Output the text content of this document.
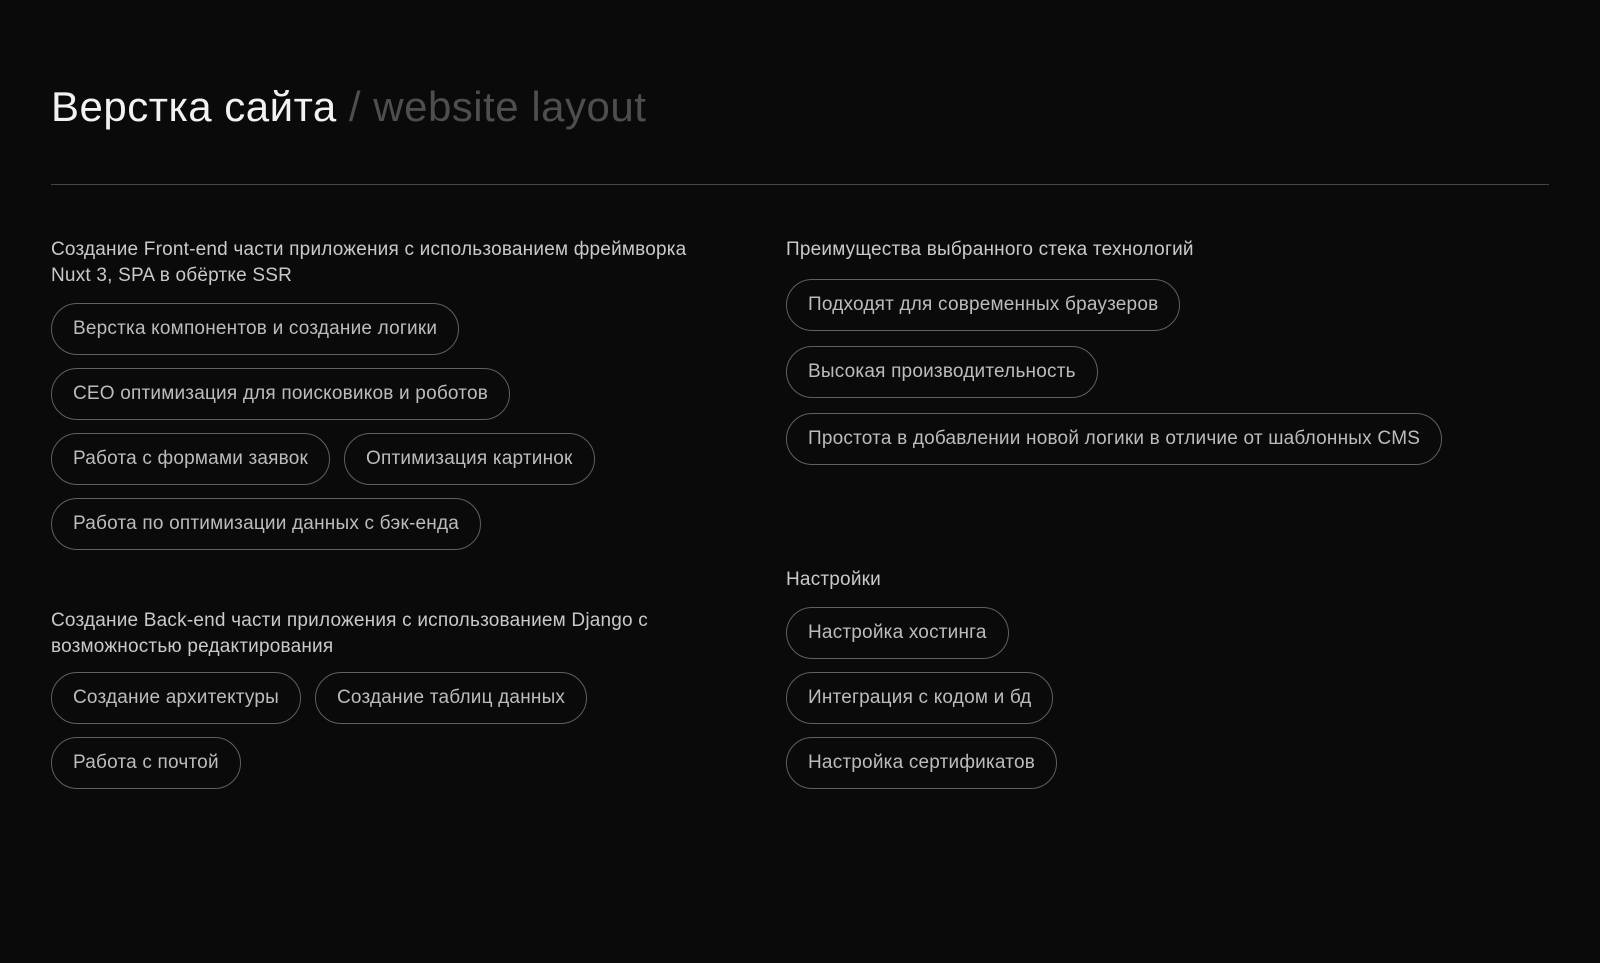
Верстка сайта / website layout
Создание Front-end части приложения с использованием фреймворка Nuxt 3, SPA в обёртке SSR
Верстка компонентов и создание логики
CEO оптимизация для поисковиков и роботов
Работа с формами заявок	Оптимизация картинок
Работа по оптимизации данных с бэк-енда
Создание Back-end части приложения с использованием Django с возможностью редактирования
Создание архитектуры	Создание таблиц данных
Работа с почтой
Преимущества выбранного стека технологий
Подходят для современных браузеров
Высокая производительность
Простота в добавлении новой логики в отличие от шаблонных CMS
Настройки
Настройка хостинга
Интеграция с кодом и бд
Настройка сертификатов
